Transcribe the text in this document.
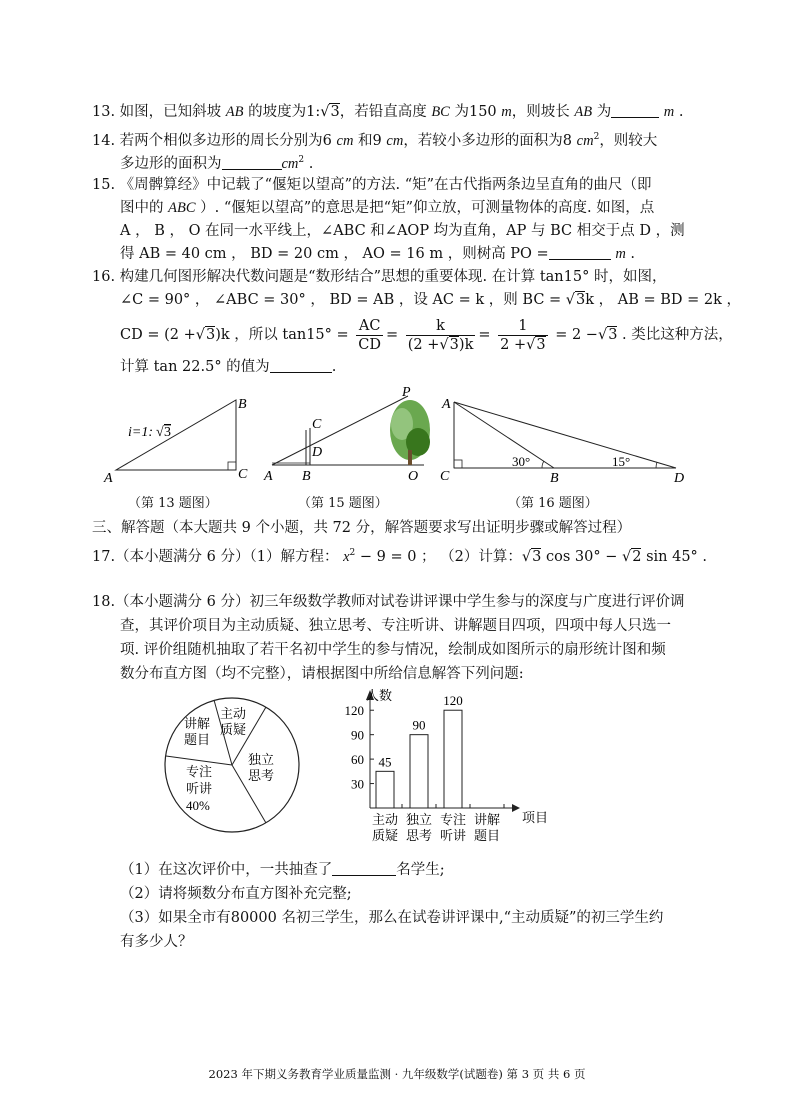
13. 如图，已知斜坡 AB 的坡度为1:√3，若铅直高度 BC 为150 m，则坡长 AB 为	m .
14. 若两个相似多边形的周长分别为6 cm 和9 cm，若较小多边形的面积为8 $cm^2$，则较大
多边形的面积为	$cm^2$ .
15. 《周髀算经》中记载了“偃矩以望高”的方法. “矩”在古代指两条边呈直角的曲尺（即
图中的 ABC ）. “偃矩以望高”的意思是把“矩”仰立放，可测量物体的高度. 如图，点
A ， B ， O 在同一水平线上，∠ABC 和∠AOP 均为直角，AP 与 BC 相交于点 D ，测
得 AB = 40 cm ， BD = 20 cm ， AO = 16 m ，则树高 PO =	m .
16. 构建几何图形解决代数问题是“数形结合”思想的重要体现. 在计算 tan15° 时，如图，
∠C = 90° ， ∠ABC = 30° ， BD = AB ，设 AC = k ，则 BC = √3k ， AB = BD = 2k ，
CD = (2 +√3)k ，所以 $\tan 15^\circ = \frac{AC}{CD} = \frac{k}{(2 +√3)k} = \frac{1}{2 +√3} = 2 -√3$ . 类比这种方法，
计算 tan 22.5° 的值为	.
i=1: √ 3
A
B
C
（第 13 题图）
P
C
D
A B	O
（第 15 题图）
A
C	B	D
30°	15°
（第 16 题图）
三、解答题（本大题共 9 个小题，共 72 分，解答题要求写出证明步骤或解答过程）
17.（本小题满分 6 分）（1）解方程： $x^2 - 9 = 0$ ； （2）计算：√3 cos 30° − √2 sin 45° .
18.（本小题满分 6 分）初三年级数学教师对试卷讲评课中学生参与的深度与广度进行评价调
查，其评价项目为主动质疑、独立思考、专注听讲、讲解题目四项，四项中每人只选一
项. 评价组随机抽取了若干名初中学生的参与情况，绘制成如图所示的扇形统计图和频
数分布直方图（均不完整），请根据图中所给信息解答下列问题:
讲解
题目
主动
质疑
独立
思考
专注
听讲
40%
人数
项目
30
60
90
120
45
主动
质疑
90
独立
思考
120
专注
听讲
讲解
题目
（1）在这次评价中，一共抽查了	名学生;
（2）请将频数分布直方图补充完整;
（3）如果全市有80000 名初三学生，那么在试卷讲评课中,“主动质疑”的初三学生约
有多少人？
2023 年下期义务教育学业质量监测 · 九年级数学(试题卷) 第 3 页 共 6 页
